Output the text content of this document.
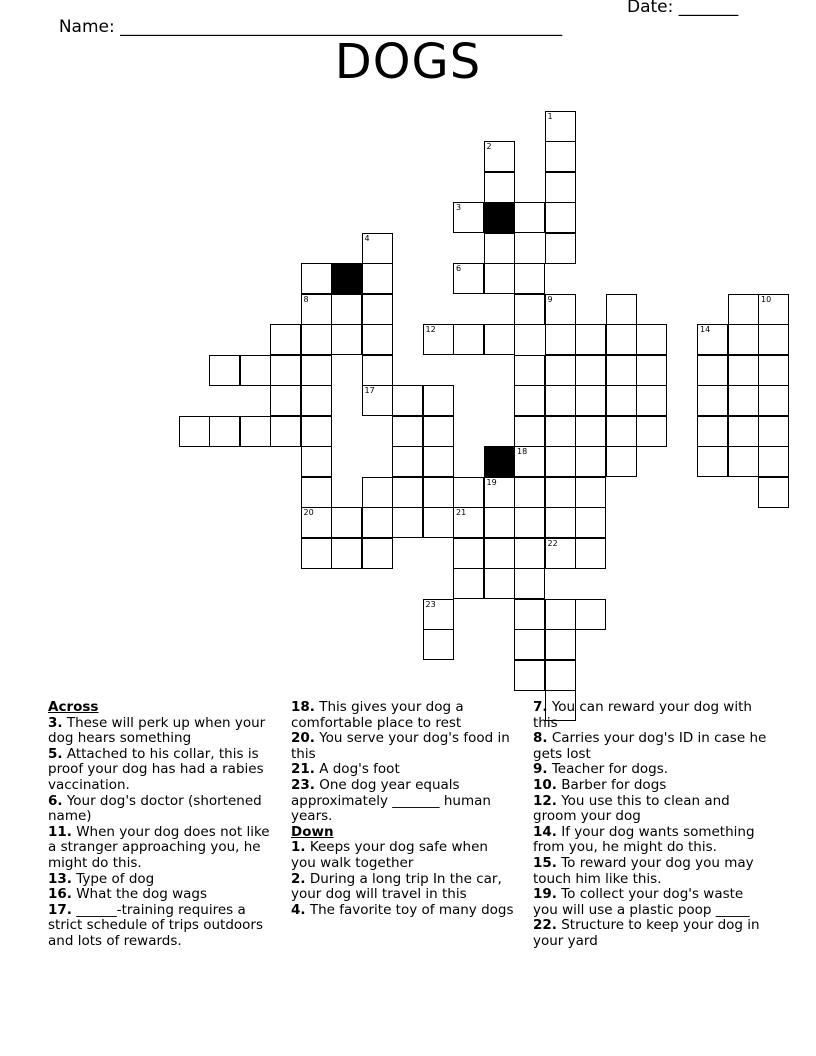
Name: ____________________________________________________

Date: _______

DOGS
1
9
22
2
3
6
21
18
4
17
5
8
20
14
10
19
12
23
Across
3. These will perk up when your dog hears something
5. Attached to his collar, this is proof your dog has had a rabies vaccination.
6. Your dog's doctor (shortened name)
11. When your dog does not like a stranger approaching you, he might do this.
13. Type of dog
16. What the dog wags
17. ______-training requires a strict schedule of trips outdoors and lots of rewards.
18. This gives your dog a comfortable place to rest
20. You serve your dog's food in this
21. A dog's foot
23. One dog year equals approximately _______ human years.
Down
1. Keeps your dog safe when you walk together
2. During a long trip In the car, your dog will travel in this
4. The favorite toy of many dogs
7. You can reward your dog with this
8. Carries your dog's ID in case he gets lost
9. Teacher for dogs.
10. Barber for dogs
12. You use this to clean and groom your dog
14. If your dog wants something from you, he might do this.
15. To reward your dog you may touch him like this.
19. To collect your dog's waste you will use a plastic poop _____
22. Structure to keep your dog in your yard
